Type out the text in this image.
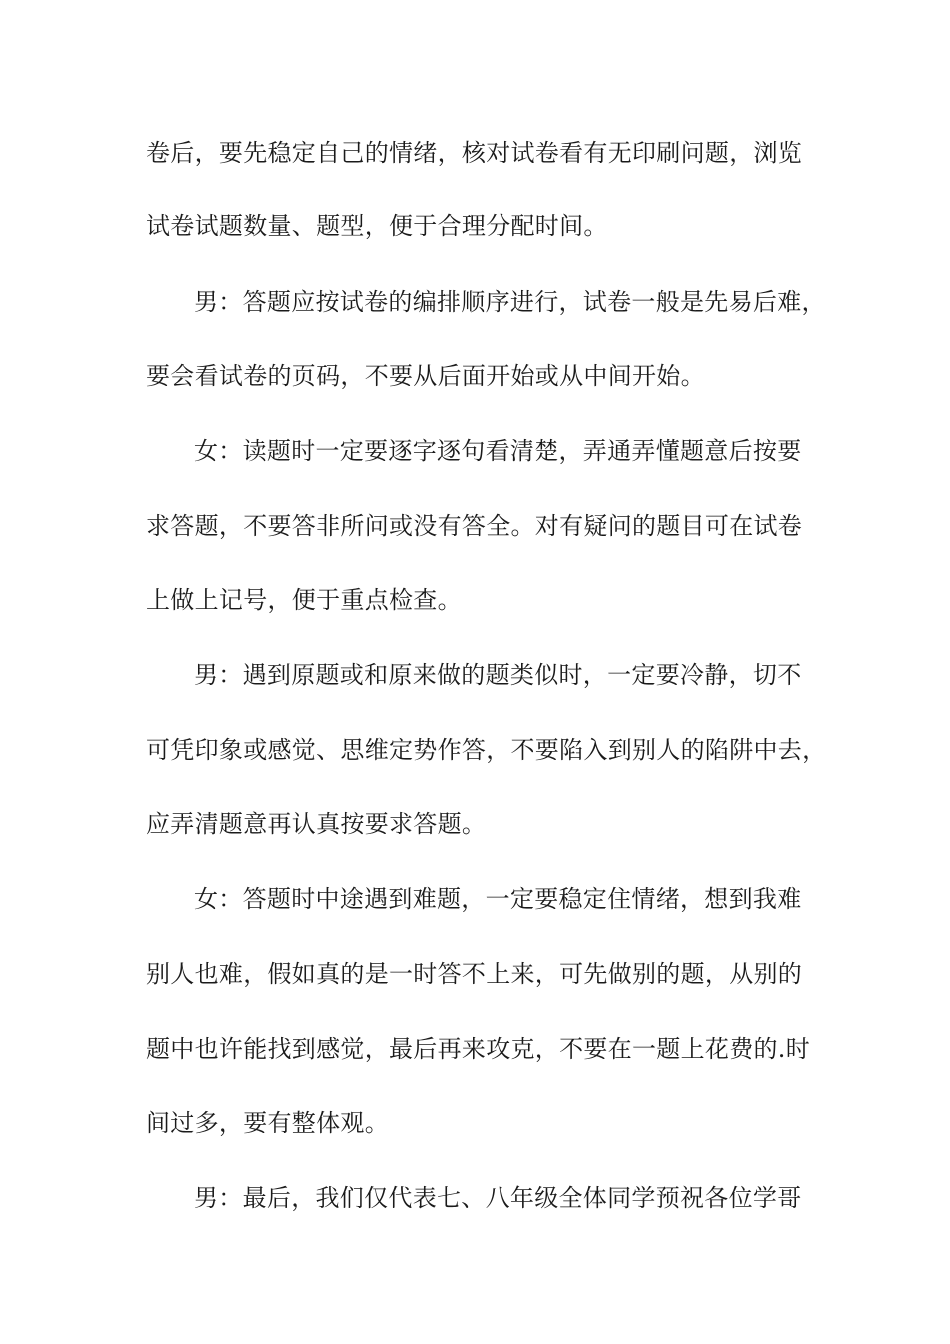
卷后，要先稳定自己的情绪，核对试卷看有无印刷问题，浏览
试卷试题数量、题型，便于合理分配时间。
男：答题应按试卷的编排顺序进行，试卷一般是先易后难，
要会看试卷的页码，不要从后面开始或从中间开始。
女：读题时一定要逐字逐句看清楚，弄通弄懂题意后按要
求答题，不要答非所问或没有答全。对有疑问的题目可在试卷
上做上记号，便于重点检查。
男：遇到原题或和原来做的题类似时，一定要冷静，切不
可凭印象或感觉、思维定势作答，不要陷入到别人的陷阱中去，
应弄清题意再认真按要求答题。
女：答题时中途遇到难题，一定要稳定住情绪，想到我难
别人也难，假如真的是一时答不上来，可先做别的题，从别的
题中也许能找到感觉，最后再来攻克，不要在一题上花费的.时
间过多，要有整体观。
男：最后，我们仅代表七、八年级全体同学预祝各位学哥
